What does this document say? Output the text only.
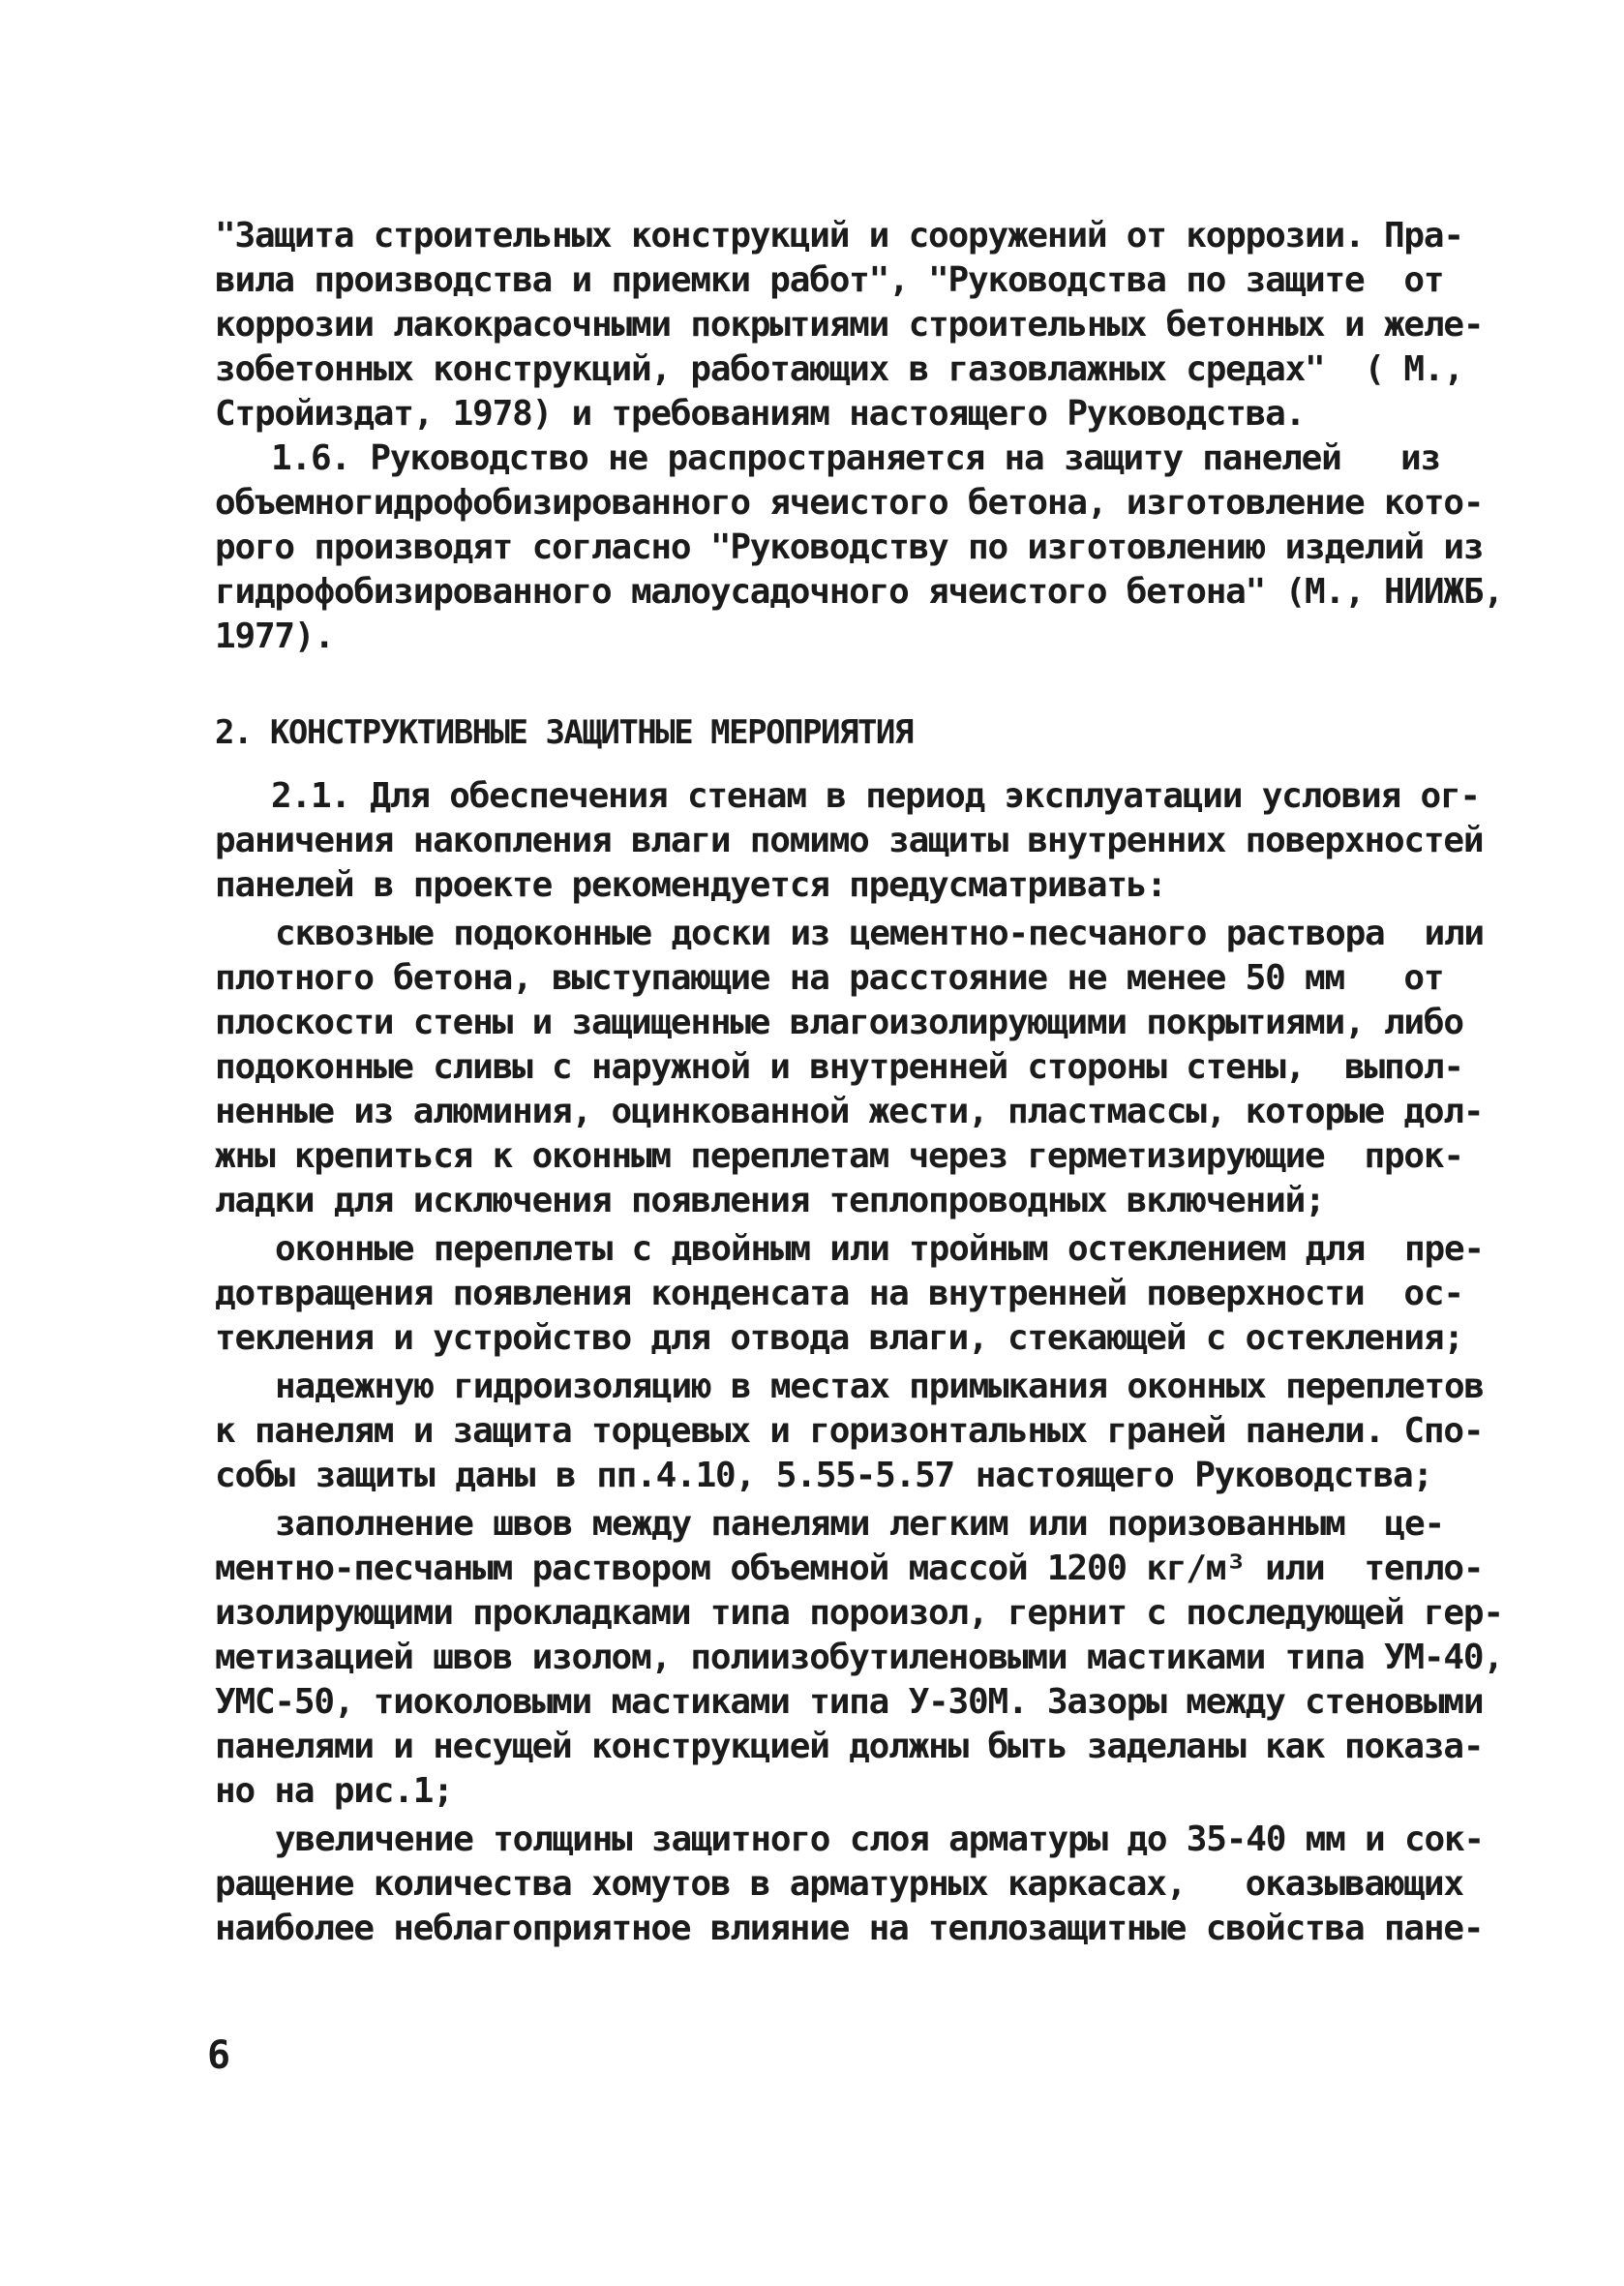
"Защита строительных конструкций и сооружений от коррозии. Пра-
вила производства и приемки работ", "Руководства по защите  от
коррозии лакокрасочными покрытиями строительных бетонных и желе-
зобетонных конструкций, работающих в газовлажных средах"  ( М.,
Стройиздат, 1978) и требованиям настоящего Руководства.
1.6. Руководство не распространяется на защиту панелей   из
объемногидрофобизированного ячеистого бетона, изготовление кото-
рого производят согласно "Руководству по изготовлению изделий из
гидрофобизированного малоусадочного ячеистого бетона" (М., НИИЖБ,
1977).
2. КОНСТРУКТИВНЫЕ ЗАЩИТНЫЕ МЕРОПРИЯТИЯ
2.1. Для обеспечения стенам в период эксплуатации условия ог-
раничения накопления влаги помимо защиты внутренних поверхностей
панелей в проекте рекомендуется предусматривать:
сквозные подоконные доски из цементно-песчаного раствора  или
плотного бетона, выступающие на расстояние не менее 50 мм   от
плоскости стены и защищенные влагоизолирующими покрытиями, либо
подоконные сливы с наружной и внутренней стороны стены,  выпол-
ненные из алюминия, оцинкованной жести, пластмассы, которые дол-
жны крепиться к оконным переплетам через герметизирующие  прок-
ладки для исключения появления теплопроводных включений;
оконные переплеты с двойным или тройным остеклением для  пре-
дотвращения появления конденсата на внутренней поверхности  ос-
текления и устройство для отвода влаги, стекающей с остекления;
надежную гидроизоляцию в местах примыкания оконных переплетов
к панелям и защита торцевых и горизонтальных граней панели. Спо-
собы защиты даны в пп.4.10, 5.55-5.57 настоящего Руководства;
заполнение швов между панелями легким или поризованным  це-
ментно-песчаным раствором объемной массой 1200 кг/м³ или  тепло-
изолирующими прокладками типа пороизол, гернит с последующей гер-
метизацией швов изолом, полиизобутиленовыми мастиками типа УМ-40,
УМС-50, тиоколовыми мастиками типа У-30М. Зазоры между стеновыми
панелями и несущей конструкцией должны быть заделаны как показа-
но на рис.1;
увеличение толщины защитного слоя арматуры до 35-40 мм и сок-
ращение количества хомутов в арматурных каркасах,   оказывающих
наиболее неблагоприятное влияние на теплозащитные свойства пане-
6
